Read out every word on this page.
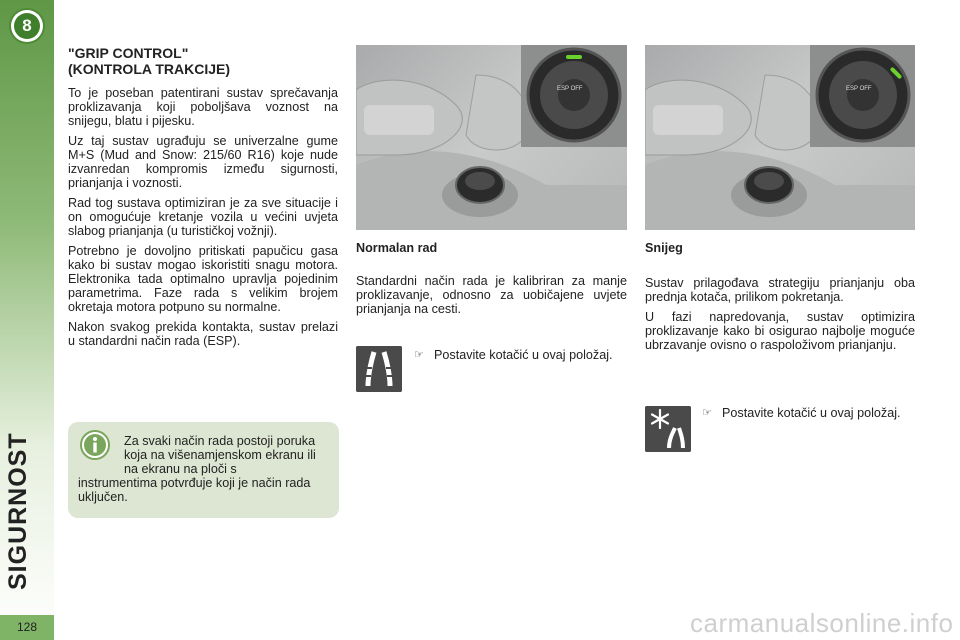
8
SIGURNOST
128
"GRIP CONTROL"
(KONTROLA TRAKCIJE)

To je poseban patentirani sustav sprečavanja proklizavanja koji poboljšava voznost na snijegu, blatu i pijesku.

Uz taj sustav ugrađuju se univerzalne gume M+S (Mud and Snow: 215/60 R16) koje nude izvanredan kompromis između sigurnosti, prianjanja i voznosti.

Rad tog sustava optimiziran je za sve situacije i on omogućuje kretanje vozila u većini uvjeta slabog prianjanja (u turističkoj vožnji).

Potrebno je dovoljno pritiskati papučicu gasa kako bi sustav mogao iskoristiti snagu motora. Elektronika tada optimalno upravlja pojedinim parametrima. Faze rada s velikim brojem okretaja motora potpuno su normalne.

Nakon svakog prekida kontakta, sustav prelazi u standardni način rada (ESP).

Za svaki način rada postoji poruka koja na višenamjenskom ekranu ili na ekranu na ploči s
instrumentima potvrđuje koji je način rada uključen.
ESP OFF	ESP OFF
Normalan rad

Standardni način rada je kalibriran za manje proklizavanje, odnosno za uobičajene uvjete prianjanja na cesti.

☞ Postavite kotačić u ovaj položaj.
Snijeg

Sustav prilagođava strategiju prianjanju oba prednja kotača, prilikom pokretanja.

U fazi napredovanja, sustav optimizira proklizavanje kako bi osigurao najbolje moguće ubrzavanje ovisno o raspoloživom prianjanju.

☞ Postavite kotačić u ovaj položaj.
carmanualsonline.info
